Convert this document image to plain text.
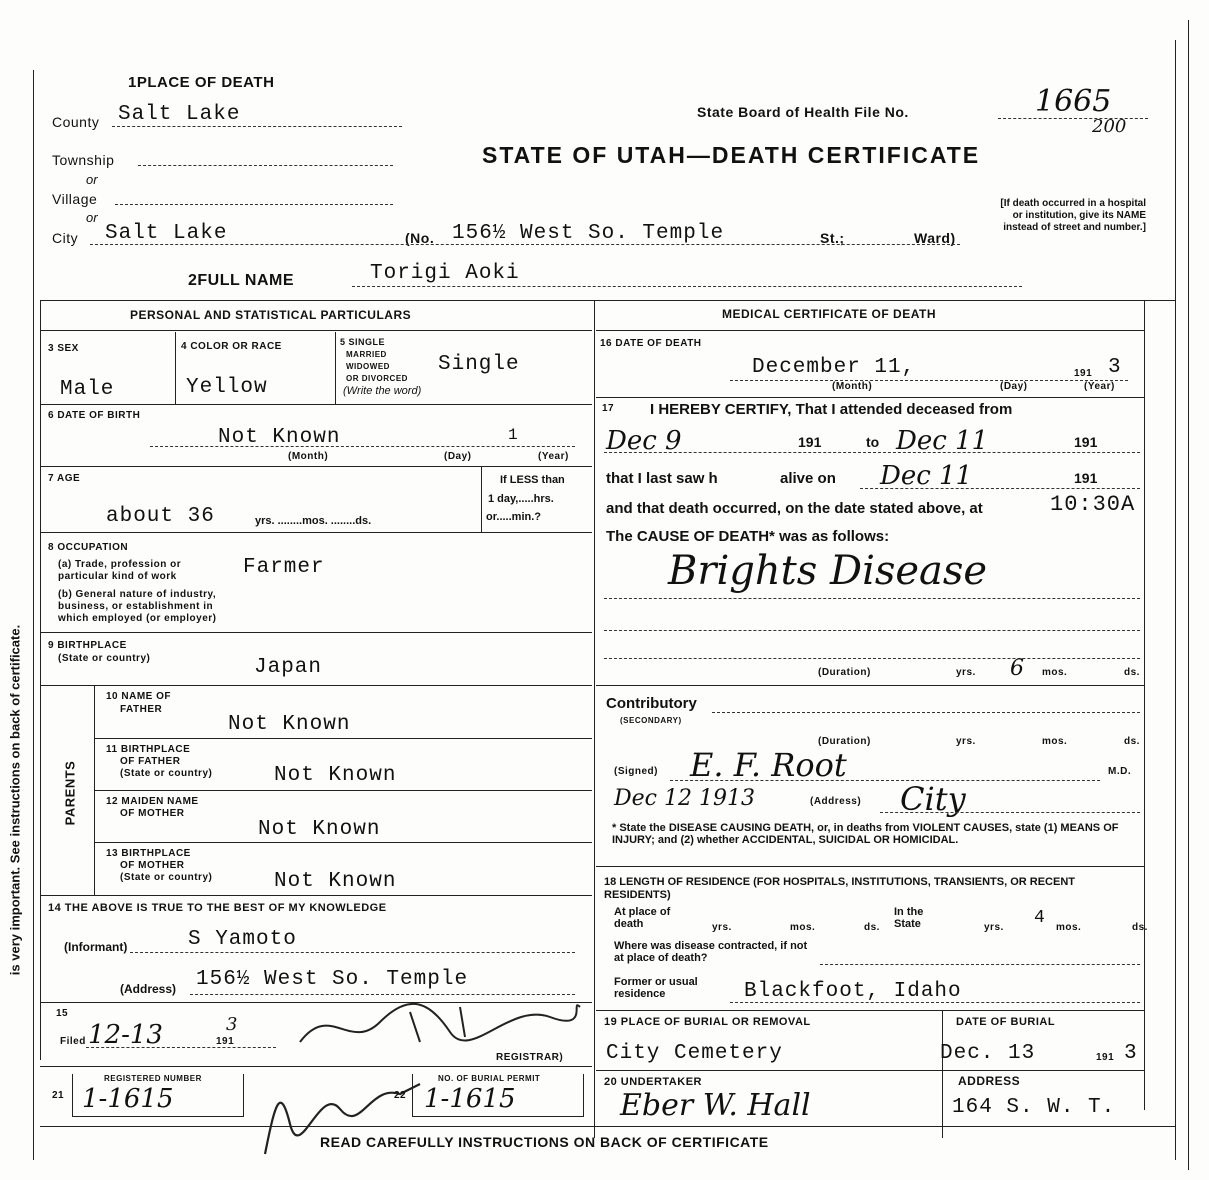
is very important. See instructions on back of certificate.
1PLACE OF DEATH
County Salt Lake
Township
or
Village
or
City Salt Lake	(No. 156½ West So. Temple	St.;	Ward)
State Board of Health File No.	1665
200
STATE OF UTAH—DEATH CERTIFICATE
[If death occurred in a hospital or institution, give its NAME instead of street and number.]
2FULL NAME	Torigi Aoki
PERSONAL AND STATISTICAL PARTICULARS
3 SEX
Male
4 COLOR OR RACE
Yellow
5 SINGLE
MARRIED
WIDOWED
OR DIVORCED
(Write the word)
Single
6 DATE OF BIRTH
Not Known	1
(Month)	(Day)	(Year)
7 AGE
about 36	yrs. ........mos. ........ds.
If LESS than
1 day,.....hrs.
or.....min.?
8 OCCUPATION
(a) Trade, profession or
particular kind of work	Farmer
(b) General nature of industry,
business, or establishment in
which employed (or employer)
9 BIRTHPLACE
(State or country)	Japan
PARENTS
10 NAME OF
FATHER
Not Known
11 BIRTHPLACE
OF FATHER
(State or country)	Not Known
12 MAIDEN NAME
OF MOTHER
Not Known
13 BIRTHPLACE
OF MOTHER
(State or country)	Not Known
14 THE ABOVE IS TRUE TO THE BEST OF MY KNOWLEDGE
(Informant)	S Yamoto
(Address) 156½ West So. Temple
15
Filed 12-13	191
3
REGISTRAR)
REGISTERED NUMBER
21 1-1615
NO. OF BURIAL PERMIT
22 1-1615
MEDICAL CERTIFICATE OF DEATH
16 DATE OF DEATH
December 11,	191 3
(Month)	(Day)	(Year)
17 I HEREBY CERTIFY, That I attended deceased from
Dec 9	191	to Dec 11	191
that I last saw h	alive on Dec 11	191
and that death occurred, on the date stated above, at	10:30A
The CAUSE OF DEATH* was as follows:
Brights Disease
(Duration)	yrs. 6 mos.	ds.
Contributory
(SECONDARY)
(Duration)	yrs.	mos.	ds.
(Signed) E. F. Root	M.D.
Dec 12 1913	(Address) City
* State the DISEASE CAUSING DEATH, or, in deaths from VIOLENT CAUSES, state (1) MEANS OF INJURY; and (2) whether ACCIDENTAL, SUICIDAL OR HOMICIDAL.
18 LENGTH OF RESIDENCE (FOR HOSPITALS, INSTITUTIONS, TRANSIENTS, OR RECENT RESIDENTS)
At place of death	yrs.	mos.	ds.
In the State	yrs. 4 mos.	ds.
Where was disease contracted, if not at place of death?
Former or usual residence	Blackfoot, Idaho
19 PLACE OF BURIAL OR REMOVAL
City Cemetery
DATE OF BURIAL
Dec. 13	191 3
20 UNDERTAKER
Eber W. Hall
ADDRESS
164 S. W. T.
READ CAREFULLY INSTRUCTIONS ON BACK OF CERTIFICATE
